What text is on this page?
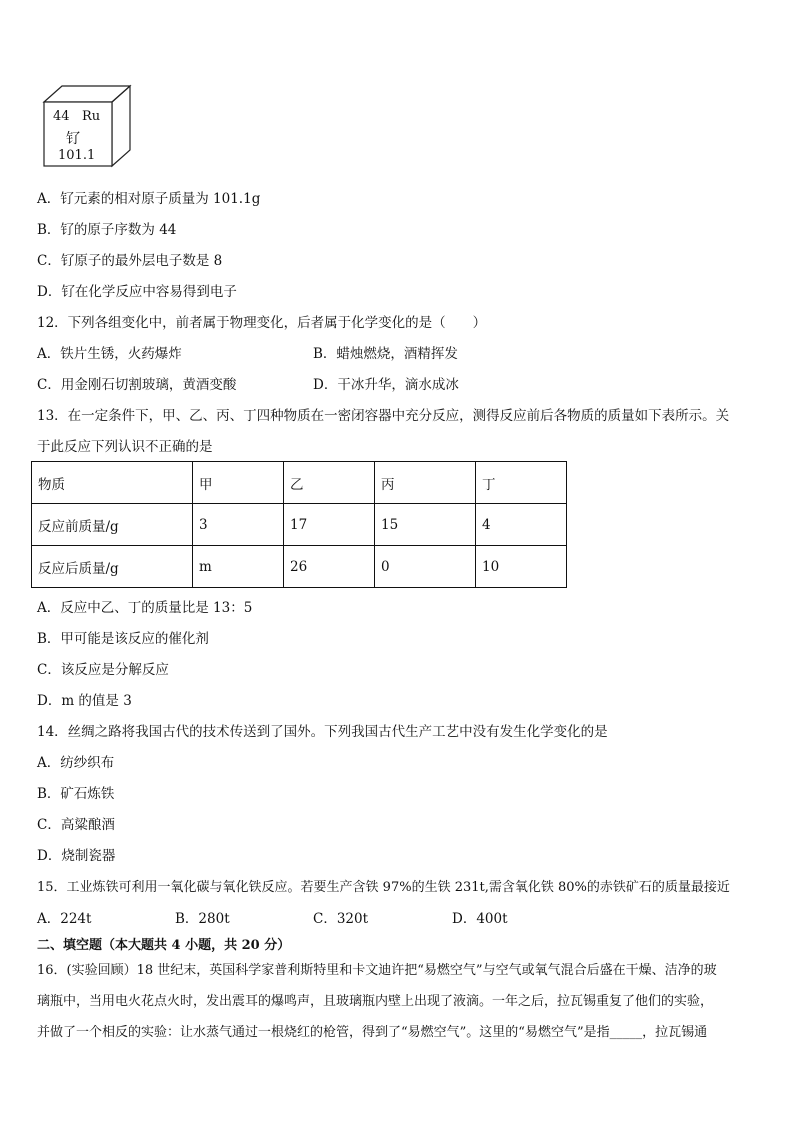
44 Ru
钌
101.1
A．钌元素的相对原子质量为 101.1g
B．钌的原子序数为 44
C．钌原子的最外层电子数是 8
D．钌在化学反应中容易得到电子
12．下列各组变化中，前者属于物理变化，后者属于化学变化的是（　　）
A．铁片生锈，火药爆炸	B．蜡烛燃烧，酒精挥发
C．用金刚石切割玻璃，黄酒变酸	D．干冰升华，滴水成冰
13．在一定条件下，甲、乙、丙、丁四种物质在一密闭容器中充分反应，测得反应前后各物质的质量如下表所示。关
于此反应下列认识不正确的是
物质	甲	乙	丙	丁
反应前质量/g	3	17	15	4
反应后质量/g	m	26	0	10
A．反应中乙、丁的质量比是 13：5
B．甲可能是该反应的催化剂
C．该反应是分解反应
D．m 的值是 3
14．丝绸之路将我国古代的技术传送到了国外。下列我国古代生产工艺中没有发生化学变化的是
A．纺纱织布
B．矿石炼铁
C．高粱酿酒
D．烧制瓷器
15．工业炼铁可利用一氧化碳与氧化铁反应。若要生产含铁 97%的生铁 231t,需含氧化铁 80%的赤铁矿石的质量最接近
A．224t	B．280t	C．320t	D．400t
二、填空题（本大题共 4 小题，共 20 分）
16．(实验回顾）18 世纪末，英国科学家普利斯特里和卡文迪许把“易燃空气”与空气或氧气混合后盛在干燥、洁净的玻
璃瓶中，当用电火花点火时，发出震耳的爆鸣声，且玻璃瓶内壁上出现了液滴。一年之后，拉瓦锡重复了他们的实验，
并做了一个相反的实验：让水蒸气通过一根烧红的枪管，得到了“易燃空气”。这里的“易燃空气”是指_____，拉瓦锡通
